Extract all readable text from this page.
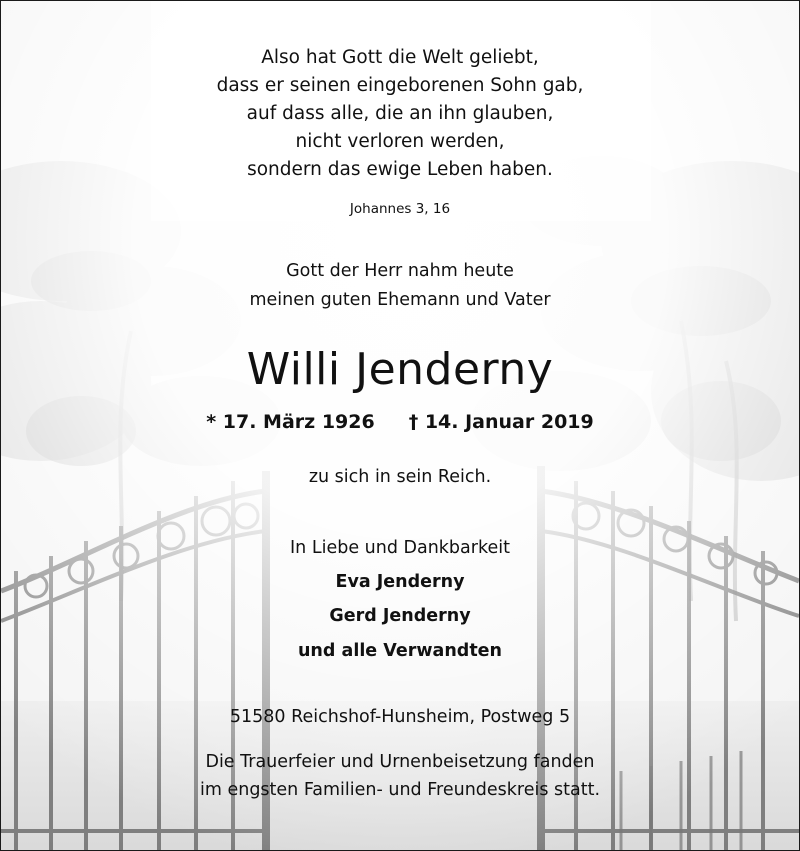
Also hat Gott die Welt geliebt,
dass er seinen eingeborenen Sohn gab,
auf dass alle, die an ihn glauben,
nicht verloren werden,
sondern das ewige Leben haben.
Johannes 3, 16
Gott der Herr nahm heute
meinen guten Ehemann und Vater
Willi Jenderny
* 17. März 1926 † 14. Januar 2019
zu sich in sein Reich.
In Liebe und Dankbarkeit
Eva Jenderny
Gerd Jenderny
und alle Verwandten
51580 Reichshof-Hunsheim, Postweg 5
Die Trauerfeier und Urnenbeisetzung fanden
im engsten Familien- und Freundeskreis statt.
